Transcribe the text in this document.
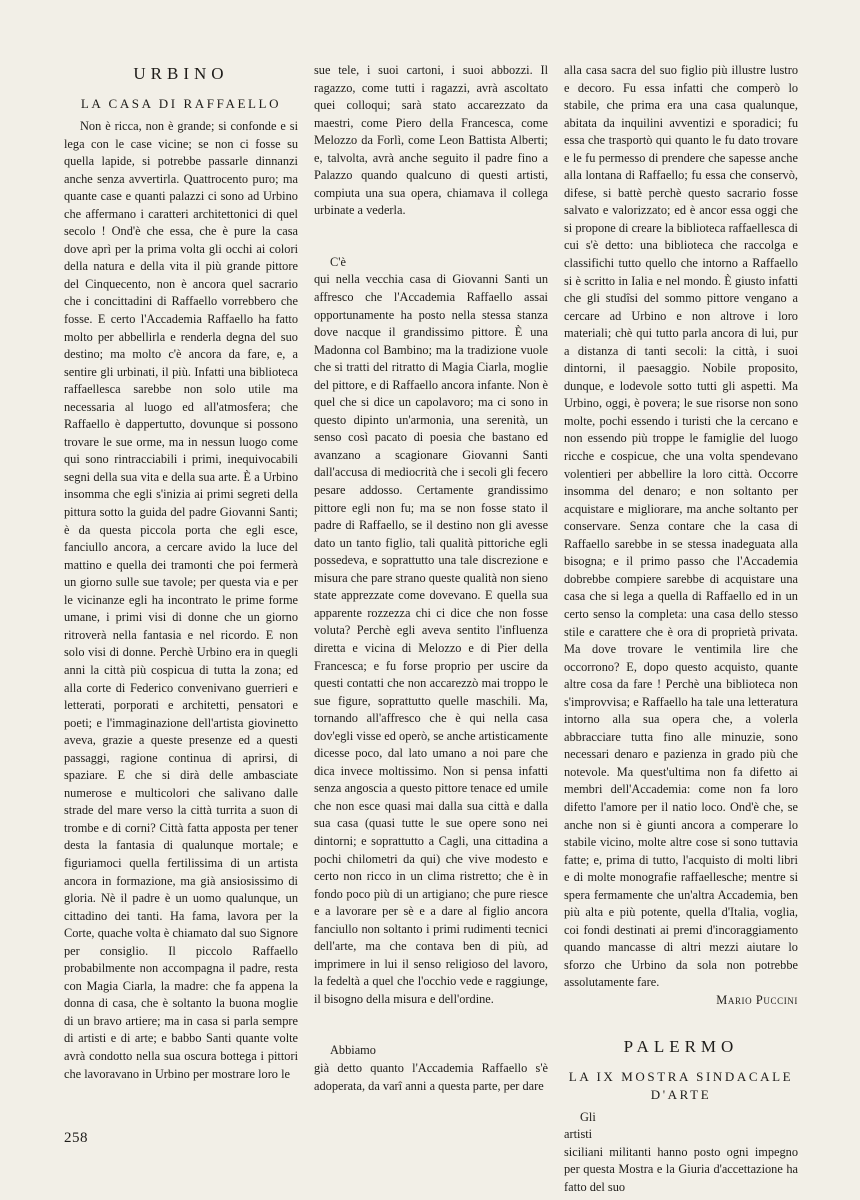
URBINO
LA CASA DI RAFFAELLO

Non è ricca, non è grande; si confonde e si lega con le case vicine; se non ci fosse su quella lapide, si potrebbe passarle dinnanzi anche senza avvertirla. Quattrocento puro; ma quante case e quanti palazzi ci sono ad Urbino che affermano i caratteri architettonici di quel secolo ! Ond'è che essa, che è pure la casa dove aprì per la prima volta gli occhi ai colori della natura e della vita il più grande pittore del Cinquecento, non è ancora quel sacrario che i concittadini di Raffaello vorrebbero che fosse. E certo l'Accademia Raffaello ha fatto molto per abbellirla e renderla degna del suo destino; ma molto c'è ancora da fare, e, a sentire gli urbinati, il più. Infatti una biblioteca raffaellesca sarebbe non solo utile ma necessaria al luogo ed all'atmosfera; che Raffaello è dappertutto, dovunque si possono trovare le sue orme, ma in nessun luogo come qui sono rintracciabili i primi, inequivocabili segni della sua vita e della sua arte. È a Urbino insomma che egli s'inizia ai primi segreti della pittura sotto la guida del padre Giovanni Santi; è da questa piccola porta che egli esce, fanciullo ancora, a cercare avido la luce del mattino e quella dei tramonti che poi fermerà un giorno sulle sue tavole; per questa via e per le vicinanze egli ha incontrato le prime forme umane, i primi visi di donne che un giorno ritroverà nella fantasia e nel ricordo. E non solo visi di donne. Perchè Urbino era in quegli anni la città più cospicua di tutta la zona; ed alla corte di Federico convenivano guerrieri e letterati, porporati e architetti, pensatori e poeti; e l'immaginazione dell'artista giovinetto aveva, grazie a queste presenze ed a questi passaggi, ragione continua di aprirsi, di spaziare. E che si dirà delle ambasciate numerose e multicolori che salivano dalle strade del mare verso la città turrita a suon di trombe e di corni? Città fatta apposta per tener desta la fantasia di qualunque mortale; e figuriamoci quella fertilissima di un artista ancora in formazione, ma già ansiosissimo di gloria. Nè il padre è un uomo qualunque, un cittadino dei tanti. Ha fama, lavora per la Corte, quache volta è chiamato dal suo Signore per consiglio. Il piccolo Raffaello probabilmente non accompagna il padre, resta con Magia Ciarla, la madre: che fa appena la donna di casa, che è soltanto la buona moglie di un bravo artiere; ma in casa si parla sempre di artisti e di arte; e babbo Santi quante volte avrà condotto nella sua oscura bottega i pittori che lavoravano in Urbino per mostrare loro le

sue tele, i suoi cartoni, i suoi abbozzi. Il ragazzo, come tutti i ragazzi, avrà ascoltato quei colloqui; sarà stato accarezzato da maestri, come Piero della Francesca, come Melozzo da Forlì, come Leon Battista Alberti; e, talvolta, avrà anche seguito il padre fino a Palazzo quando qualcuno di questi artisti, compiuta una sua opera, chiamava il collega urbinate a vederla.

C'è

qui nella vecchia casa di Giovanni Santi un affresco che l'Accademia Raffaello assai opportunamente ha posto nella stessa stanza dove nacque il grandissimo pittore. È una Madonna col Bambino; ma la tradizione vuole che si tratti del ritratto di Magia Ciarla, moglie del pittore, e di Raffaello ancora infante. Non è quel che si dice un capolavoro; ma ci sono in questo dipinto un'armonia, una serenità, un senso così pacato di poesia che bastano ed avanzano a scagionare Giovanni Santi dall'accusa di mediocrità che i secoli gli fecero pesare addosso. Certamente grandissimo pittore egli non fu; ma se non fosse stato il padre di Raffaello, se il destino non gli avesse dato un tanto figlio, tali qualità pittoriche egli possedeva, e soprattutto una tale discrezione e misura che pare strano queste qualità non sieno state apprezzate come dovevano. E quella sua apparente rozzezza chi ci dice che non fosse voluta? Perchè egli aveva sentito l'influenza diretta e vicina di Melozzo e di Pier della Francesca; e fu forse proprio per uscire da questi contatti che non accarezzò mai troppo le sue figure, soprattutto quelle maschili. Ma, tornando all'affresco che è qui nella casa dov'egli visse ed operò, se anche artisticamente dicesse poco, dal lato umano a noi pare che dica invece moltissimo. Non si pensa infatti senza angoscia a questo pittore tenace ed umile che non esce quasi mai dalla sua città e dalla sua casa (quasi tutte le sue opere sono nei dintorni; e soprattutto a Cagli, una cittadina a pochi chilometri da qui) che vive modesto e certo non ricco in un clima ristretto; che è in fondo poco più di un artigiano; che pure riesce e a lavorare per sè e a dare al figlio ancora fanciullo non soltanto i primi rudimenti tecnici dell'arte, ma che contava ben di più, ad imprimere in lui il senso religioso del lavoro, la fedeltà a quel che l'occhio vede e raggiunge, il bisogno della misura e dell'ordine.

Abbiamo

già detto quanto l'Accademia Raffaello s'è adoperata, da varî anni a questa parte, per dare

alla casa sacra del suo figlio più illustre lustro e decoro. Fu essa infatti che comperò lo stabile, che prima era una casa qualunque, abitata da inquilini avventizi e sporadici; fu essa che trasportò qui quanto le fu dato trovare e le fu permesso di prendere che sapesse anche alla lontana di Raffaello; fu essa che conservò, difese, si battè perchè questo sacrario fosse salvato e valorizzato; ed è ancor essa oggi che si propone di creare la biblioteca raffaellesca di cui s'è detto: una biblioteca che raccolga e classifichi tutto quello che intorno a Raffaello si è scritto in Ialia e nel mondo. È giusto infatti che gli studîsi del sommo pittore vengano a cercare ad Urbino e non altrove i loro materiali; chè qui tutto parla ancora di lui, pur a distanza di tanti secoli: la città, i suoi dintorni, il paesaggio. Nobile proposito, dunque, e lodevole sotto tutti gli aspetti. Ma Urbino, oggi, è povera; le sue risorse non sono molte, pochi essendo i turisti che la cercano e non essendo più troppe le famiglie del luogo ricche e cospicue, che una volta spendevano volentieri per abbellire la loro città. Occorre insomma del denaro; e non soltanto per acquistare e migliorare, ma anche soltanto per conservare. Senza contare che la casa di Raffaello sarebbe in se stessa inadeguata alla bisogna; e il primo passo che l'Accademia dobrebbe compiere sarebbe di acquistare una casa che si lega a quella di Raffaello ed in un certo senso la completa: una casa dello stesso stile e carattere che è ora di proprietà privata. Ma dove trovare le ventimila lire che occorrono? E, dopo questo acquisto, quante altre cosa da fare ! Perchè una biblioteca non s'improvvisa; e Raffaello ha tale una letteratura intorno alla sua opera che, a volerla abbracciare tutta fino alle minuzie, sono necessari denaro e pazienza in grado più che notevole. Ma quest'ultima non fa difetto ai membri dell'Accademia: come non fa loro difetto l'amore per il natio loco. Ond'è che, se anche non si è giunti ancora a comperare lo stabile vicino, molte altre cose si sono tuttavia fatte; e, prima di tutto, l'acquisto di molti libri e di molte monografie raffaellesche; mentre si spera fermamente che un'altra Accademia, ben più alta e più potente, quella d'Italia, voglia, coi fondi destinati ai premi d'incoraggiamento quando mancasse di altri mezzi aiutare lo sforzo che Urbino da sola non potrebbe assolutamente fare.

Mario Puccini

PALERMO
LA IX MOSTRA SINDACALE D'ARTE

Gli

artisti

siciliani militanti hanno posto ogni impegno per questa Mostra e la Giuria d'accettazione ha fatto del suo

258
